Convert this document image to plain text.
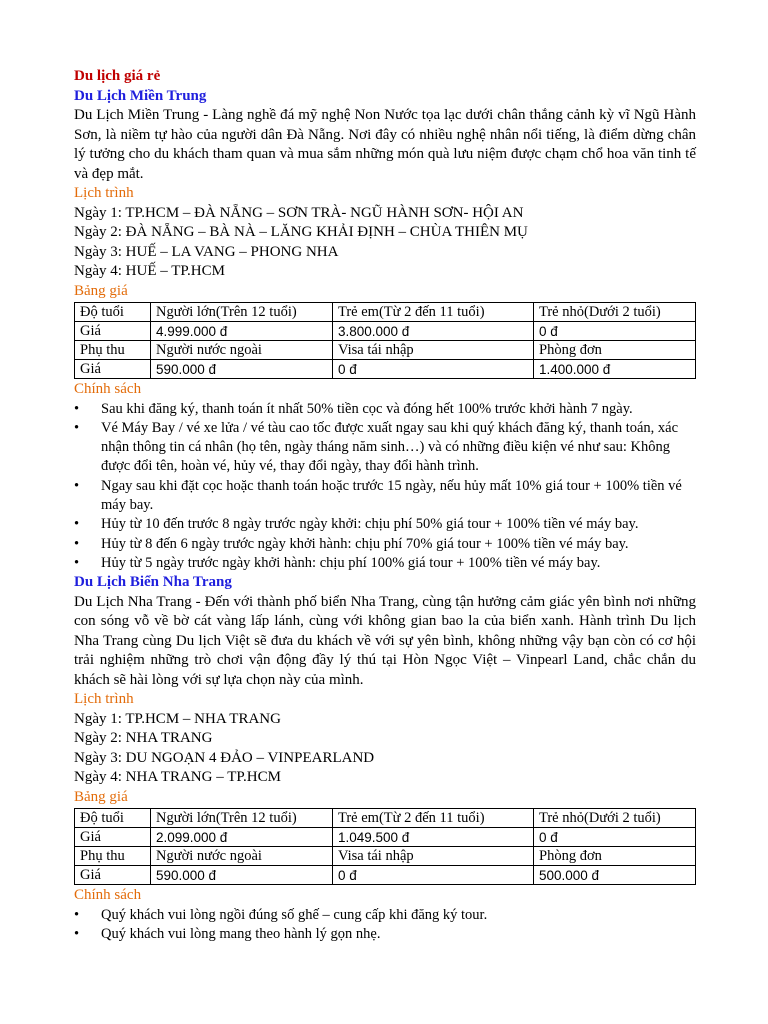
Du lịch giá rẻ

Du Lịch Miền Trung

Du Lịch Miền Trung - Làng nghề đá mỹ nghệ Non Nước tọa lạc dưới chân thắng cảnh kỳ vĩ Ngũ Hành Sơn, là niềm tự hào của người dân Đà Nẵng. Nơi đây có nhiều nghệ nhân nổi tiếng, là điểm dừng chân lý tưởng cho du khách tham quan và mua sắm những món quà lưu niệm được chạm chổ hoa văn tinh tế và đẹp mắt.

Lịch trình

Ngày 1: TP.HCM – ĐÀ NẴNG – SƠN TRÀ- NGŨ HÀNH SƠN- HỘI AN

Ngày 2: ĐÀ NẴNG – BÀ NÀ – LĂNG KHẢI ĐỊNH – CHÙA THIÊN MỤ

Ngày 3: HUẾ – LA VANG – PHONG NHA

Ngày 4: HUẾ – TP.HCM

Bảng giá

Độ tuổi	Người lớn(Trên 12 tuổi)	Trẻ em(Từ 2 đến 11 tuổi)	Trẻ nhỏ(Dưới 2 tuổi)
Giá	4.999.000 đ	3.800.000 đ	0 đ
Phụ thu	Người nước ngoài	Visa tái nhập	Phòng đơn
Giá	590.000 đ	0 đ	1.400.000 đ

Chính sách

• Sau khi đăng ký, thanh toán ít nhất 50% tiền cọc và đóng hết 100% trước khởi hành 7 ngày.
• Vé Máy Bay / vé xe lửa / vé tàu cao tốc được xuất ngay sau khi quý khách đăng ký, thanh toán, xác nhận thông tin cá nhân (họ tên, ngày tháng năm sinh…) và có những điều kiện vé như sau: Không được đổi tên, hoàn vé, hủy vé, thay đổi ngày, thay đổi hành trình.
• Ngay sau khi đặt cọc hoặc thanh toán hoặc trước 15 ngày, nếu hủy mất 10% giá tour + 100% tiền vé máy bay.
• Hủy từ 10 đến trước 8 ngày trước ngày khởi: chịu phí 50% giá tour + 100% tiền vé máy bay.
• Hủy từ 8 đến 6 ngày trước ngày khởi hành: chịu phí 70% giá tour + 100% tiền vé máy bay.
• Hủy từ 5 ngày trước ngày khởi hành: chịu phí 100% giá tour + 100% tiền vé máy bay.

Du Lịch Biển Nha Trang

Du Lịch Nha Trang - Đến với thành phố biển Nha Trang, cùng tận hưởng cảm giác yên bình nơi những con sóng vỗ về bờ cát vàng lấp lánh, cùng với không gian bao la của biển xanh. Hành trình Du lịch Nha Trang cùng Du lịch Việt sẽ đưa du khách về với sự yên bình, không những vậy bạn còn có cơ hội trải nghiệm những trò chơi vận động đầy lý thú tại Hòn Ngọc Việt – Vinpearl Land, chắc chắn du khách sẽ hài lòng với sự lựa chọn này của mình.

Lịch trình

Ngày 1: TP.HCM – NHA TRANG

Ngày 2: NHA TRANG

Ngày 3: DU NGOẠN 4 ĐẢO – VINPEARLAND

Ngày 4: NHA TRANG – TP.HCM

Bảng giá

Độ tuổi	Người lớn(Trên 12 tuổi)	Trẻ em(Từ 2 đến 11 tuổi)	Trẻ nhỏ(Dưới 2 tuổi)
Giá	2.099.000 đ	1.049.500 đ	0 đ
Phụ thu	Người nước ngoài	Visa tái nhập	Phòng đơn
Giá	590.000 đ	0 đ	500.000 đ

Chính sách

• Quý khách vui lòng ngồi đúng số ghế – cung cấp khi đăng ký tour.
• Quý khách vui lòng mang theo hành lý gọn nhẹ.
